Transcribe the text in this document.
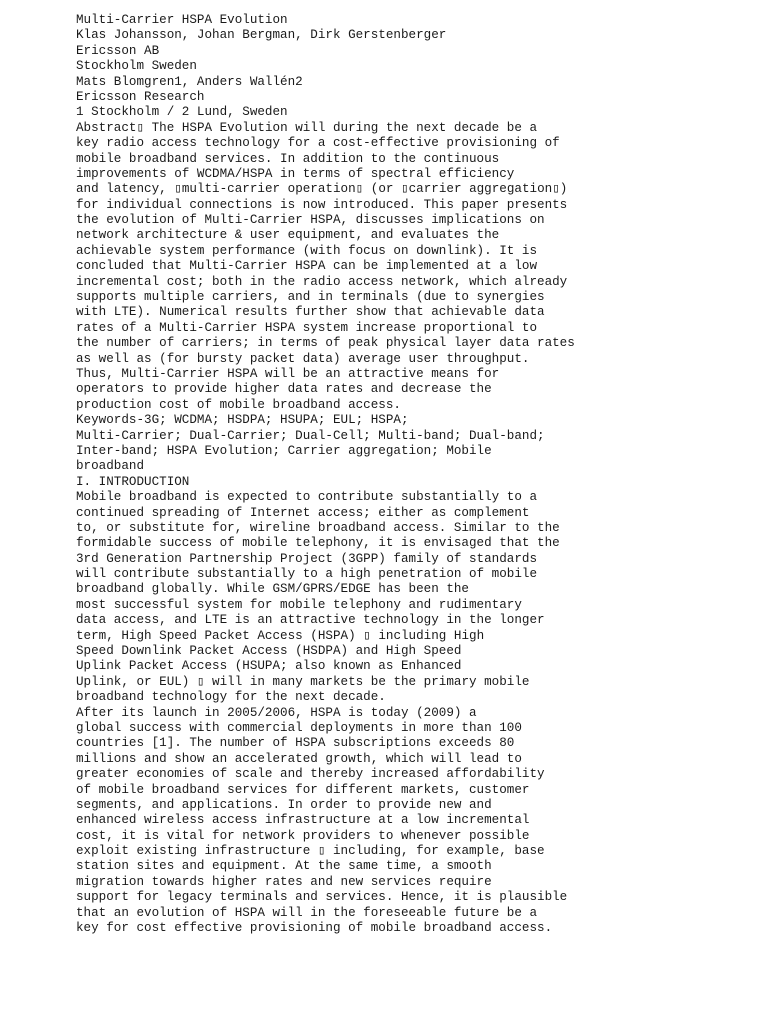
Multi-Carrier HSPA Evolution
Klas Johansson, Johan Bergman, Dirk Gerstenberger
Ericsson AB
Stockholm Sweden
Mats Blomgren1, Anders Wallén2
Ericsson Research
1 Stockholm / 2 Lund, Sweden
Abstract▯ The HSPA Evolution will during the next decade be a
key radio access technology for a cost-effective provisioning of
mobile broadband services. In addition to the continuous
improvements of WCDMA/HSPA in terms of spectral efficiency
and latency, ▯multi-carrier operation▯ (or ▯carrier aggregation▯)
for individual connections is now introduced. This paper presents
the evolution of Multi-Carrier HSPA, discusses implications on
network architecture & user equipment, and evaluates the
achievable system performance (with focus on downlink). It is
concluded that Multi-Carrier HSPA can be implemented at a low
incremental cost; both in the radio access network, which already
supports multiple carriers, and in terminals (due to synergies
with LTE). Numerical results further show that achievable data
rates of a Multi-Carrier HSPA system increase proportional to
the number of carriers; in terms of peak physical layer data rates
as well as (for bursty packet data) average user throughput.
Thus, Multi-Carrier HSPA will be an attractive means for
operators to provide higher data rates and decrease the
production cost of mobile broadband access.
Keywords-3G; WCDMA; HSDPA; HSUPA; EUL; HSPA;
Multi-Carrier; Dual-Carrier; Dual-Cell; Multi-band; Dual-band;
Inter-band; HSPA Evolution; Carrier aggregation; Mobile
broadband
I. INTRODUCTION
Mobile broadband is expected to contribute substantially to a
continued spreading of Internet access; either as complement
to, or substitute for, wireline broadband access. Similar to the
formidable success of mobile telephony, it is envisaged that the
3rd Generation Partnership Project (3GPP) family of standards
will contribute substantially to a high penetration of mobile
broadband globally. While GSM/GPRS/EDGE has been the
most successful system for mobile telephony and rudimentary
data access, and LTE is an attractive technology in the longer
term, High Speed Packet Access (HSPA) ▯ including High
Speed Downlink Packet Access (HSDPA) and High Speed
Uplink Packet Access (HSUPA; also known as Enhanced
Uplink, or EUL) ▯ will in many markets be the primary mobile
broadband technology for the next decade.
After its launch in 2005/2006, HSPA is today (2009) a
global success with commercial deployments in more than 100
countries [1]. The number of HSPA subscriptions exceeds 80
millions and show an accelerated growth, which will lead to
greater economies of scale and thereby increased affordability
of mobile broadband services for different markets, customer
segments, and applications. In order to provide new and
enhanced wireless access infrastructure at a low incremental
cost, it is vital for network providers to whenever possible
exploit existing infrastructure ▯ including, for example, base
station sites and equipment. At the same time, a smooth
migration towards higher rates and new services require
support for legacy terminals and services. Hence, it is plausible
that an evolution of HSPA will in the foreseeable future be a
key for cost effective provisioning of mobile broadband access.
